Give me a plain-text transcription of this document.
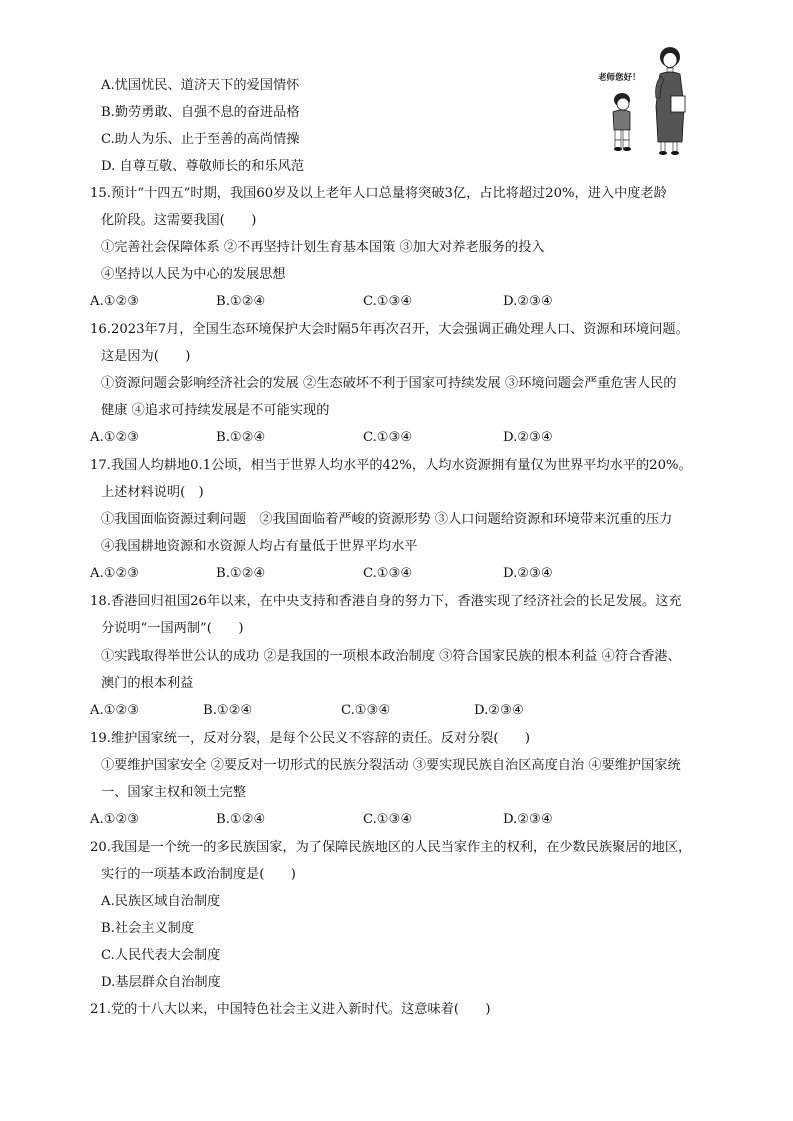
A.忧国忧民、道济天下的爱国情怀
B.勤劳勇敢、自强不息的奋进品格
C.助人为乐、止于至善的高尚情操
D. 自尊互敬、尊敬师长的和乐风范
老师您好！
15.预计“十四五”时期，我国60岁及以上老年人口总量将突破3亿，占比将超过20%，进入中度老龄
化阶段。这需要我国(　　)
①完善社会保障体系 ②不再坚持计划生育基本国策 ③加大对养老服务的投入
④坚持以人民为中心的发展思想
A.①②③	B.①②④	C.①③④	D.②③④
16.2023年7月，全国生态环境保护大会时隔5年再次召开，大会强调正确处理人口、资源和环境问题。
这是因为(　　)
①资源问题会影响经济社会的发展 ②生态破坏不利于国家可持续发展 ③环境问题会严重危害人民的
健康 ④追求可持续发展是不可能实现的
A.①②③	B.①②④	C.①③④	D.②③④
17.我国人均耕地0.1公顷，相当于世界人均水平的42%，人均水资源拥有量仅为世界平均水平的20%。
上述材料说明(　)
①我国面临资源过剩问题　②我国面临着严峻的资源形势 ③人口问题给资源和环境带来沉重的压力
④我国耕地资源和水资源人均占有量低于世界平均水平
A.①②③	B.①②④	C.①③④	D.②③④
18.香港回归祖国26年以来，在中央支持和香港自身的努力下，香港实现了经济社会的长足发展。这充
分说明“一国两制”(　　)
①实践取得举世公认的成功 ②是我国的一项根本政治制度 ③符合国家民族的根本利益 ④符合香港、
澳门的根本利益
A.①②③	B.①②④	C.①③④	D.②③④
19.维护国家统一，反对分裂，是每个公民义不容辞的责任。反对分裂(　　)
①要维护国家安全 ②要反对一切形式的民族分裂活动 ③要实现民族自治区高度自治 ④要维护国家统
一、国家主权和领土完整
A.①②③	B.①②④	C.①③④	D.②③④
20.我国是一个统一的多民族国家，为了保障民族地区的人民当家作主的权利，在少数民族聚居的地区，
实行的一项基本政治制度是(　　)
A.民族区域自治制度
B.社会主义制度
C.人民代表大会制度
D.基层群众自治制度
21.党的十八大以来，中国特色社会主义进入新时代。这意味着(　　)
